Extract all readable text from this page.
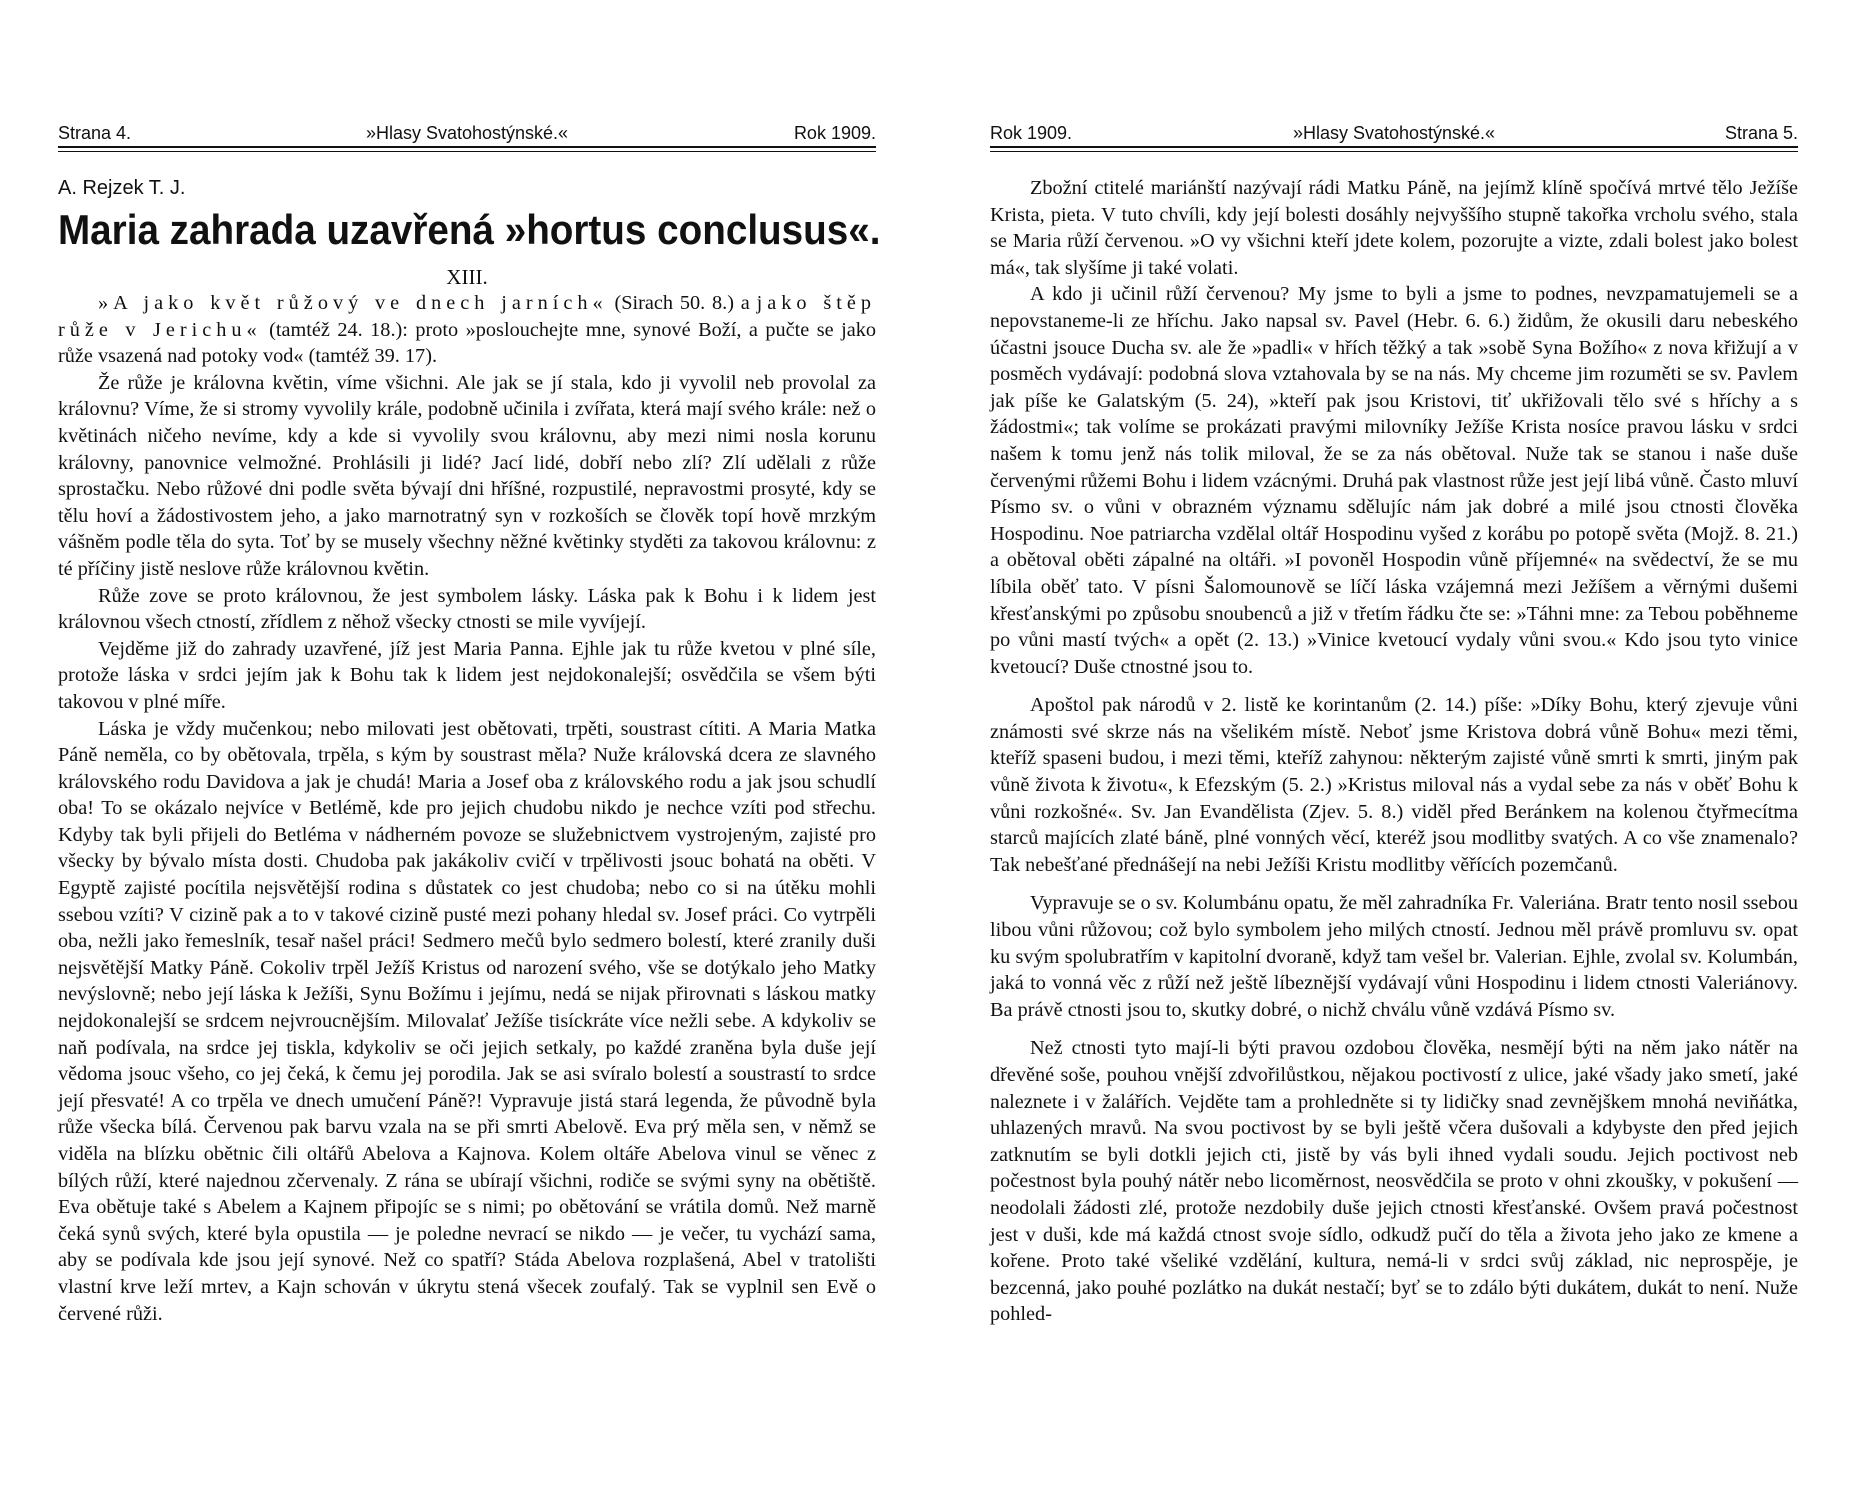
Strana 4.	»Hlasy Svatohostýnské.«	Rok 1909.
A. Rejzek T. J.
Maria zahrada uzavřená »hortus conclusus«.
XIII.

»A jako květ růžový ve dnech jarních« (Sirach 50. 8.) a jako štěp růže v Jerichu« (tamtéž 24. 18.): proto »poslouchejte mne, synové Boží, a pučte se jako růže vsazená nad potoky vod« (tamtéž 39. 17).

Že růže je královna květin, víme všichni. Ale jak se jí stala, kdo ji vyvolil neb provolal za královnu? Víme, že si stromy vyvolily krále, podobně učinila i zvířata, která mají svého krále: než o květinách ničeho nevíme, kdy a kde si vyvolily svou královnu, aby mezi nimi nosla korunu královny, panovnice velmožné. Prohlásili ji lidé? Jací lidé, dobří nebo zlí? Zlí udělali z růže sprostačku. Nebo růžové dni podle světa bývají dni hříšné, rozpustilé, nepravostmi prosyté, kdy se tělu hoví a žádostivostem jeho, a jako marnotratný syn v rozkoších se člověk topí hově mrzkým vášněm podle těla do syta. Toť by se musely všechny něžné květinky styděti za takovou královnu: z té příčiny jistě neslove růže královnou květin.

Růže zove se proto královnou, že jest symbolem lásky. Láska pak k Bohu i k lidem jest královnou všech ctností, zřídlem z něhož všecky ctnosti se mile vyvíjejí.

Vejděme již do zahrady uzavřené, jíž jest Maria Panna. Ejhle jak tu růže kvetou v plné síle, protože láska v srdci jejím jak k Bohu tak k lidem jest nejdokonalejší; osvědčila se všem býti takovou v plné míře.

Láska je vždy mučenkou; nebo milovati jest obětovati, trpěti, soustrast cítiti. A Maria Matka Páně neměla, co by obětovala, trpěla, s kým by soustrast měla? Nuže královská dcera ze slavného královského rodu Davidova a jak je chudá! Maria a Josef oba z královského rodu a jak jsou schudlí oba! To se okázalo nejvíce v Betlémě, kde pro jejich chudobu nikdo je nechce vzíti pod střechu. Kdyby tak byli přijeli do Betléma v nádherném povoze se služebnictvem vystrojeným, zajisté pro všecky by bývalo místa dosti. Chudoba pak jakákoliv cvičí v trpělivosti jsouc bohatá na oběti. V Egyptě zajisté pocítila nejsvětější rodina s důstatek co jest chudoba; nebo co si na útěku mohli ssebou vzíti? V cizině pak a to v takové cizině pusté mezi pohany hledal sv. Josef práci. Co vytrpěli oba, nežli jako řemeslník, tesař našel práci! Sedmero mečů bylo sedmero bolestí, které zranily duši nejsvětější Matky Páně. Cokoliv trpěl Ježíš Kristus od narození svého, vše se dotýkalo jeho Matky nevýslovně; nebo její láska k Ježíši, Synu Božímu i jejímu, nedá se nijak přirovnati s láskou matky nejdokonalejší se srdcem nejvroucnějším. Milovalať Ježíše tisíckráte více nežli sebe. A kdykoliv se naň podívala, na srdce jej tiskla, kdykoliv se oči jejich setkaly, po každé zraněna byla duše její vědoma jsouc všeho, co jej čeká, k čemu jej porodila. Jak se asi svíralo bolestí a soustrastí to srdce její přesvaté! A co trpěla ve dnech umučení Páně?! Vypravuje jistá stará legenda, že původně byla růže všecka bílá. Červenou pak barvu vzala na se při smrti Abelově. Eva prý měla sen, v němž se viděla na blízku obětnic čili oltářů Abelova a Kajnova. Kolem oltáře Abelova vinul se věnec z bílých růží, které najednou zčervenaly. Z rána se ubírají všichni, rodiče se svými syny na obětiště. Eva obětuje také s Abelem a Kajnem připojíc se s nimi; po obětování se vrátila domů. Než marně čeká synů svých, které byla opustila — je poledne nevrací se nikdo — je večer, tu vychází sama, aby se podívala kde jsou její synové. Než co spatří? Stáda Abelova rozplašená, Abel v tratolišti vlastní krve leží mrtev, a Kajn schován v úkrytu stená všecek zoufalý. Tak se vyplnil sen Evě o červené růži.

Rok 1909.	»Hlasy Svatohostýnské.«	Strana 5.

Zbožní ctitelé mariánští nazývají rádi Matku Páně, na jejímž klíně spočívá mrtvé tělo Ježíše Krista, pieta. V tuto chvíli, kdy její bolesti dosáhly nejvyššího stupně takořka vrcholu svého, stala se Maria růží červenou. »O vy všichni kteří jdete kolem, pozorujte a vizte, zdali bolest jako bolest má«, tak slyšíme ji také volati.

A kdo ji učinil růží červenou? My jsme to byli a jsme to podnes, nevzpamatujemeli se a nepovstaneme-li ze hříchu. Jako napsal sv. Pavel (Hebr. 6. 6.) židům, že okusili daru nebeského účastni jsouce Ducha sv. ale že »padli« v hřích těžký a tak »sobě Syna Božího« z nova křižují a v posměch vydávají: podobná slova vztahovala by se na nás. My chceme jim rozuměti se sv. Pavlem jak píše ke Galatským (5. 24), »kteří pak jsou Kristovi, tiť ukřižovali tělo své s hříchy a s žádostmi«; tak volíme se prokázati pravými milovníky Ježíše Krista nosíce pravou lásku v srdci našem k tomu jenž nás tolik miloval, že se za nás obětoval. Nuže tak se stanou i naše duše červenými růžemi Bohu i lidem vzácnými. Druhá pak vlastnost růže jest její libá vůně. Často mluví Písmo sv. o vůni v obrazném významu sdělujíc nám jak dobré a milé jsou ctnosti člověka Hospodinu. Noe patriarcha vzdělal oltář Hospodinu vyšed z korábu po potopě světa (Mojž. 8. 21.) a obětoval oběti zápalné na oltáři. »I povoněl Hospodin vůně příjemné« na svědectví, že se mu líbila oběť tato. V písni Šalomounově se líčí láska vzájemná mezi Ježíšem a věrnými dušemi křesťanskými po způsobu snoubenců a již v třetím řádku čte se: »Táhni mne: za Tebou poběhneme po vůni mastí tvých« a opět (2. 13.) »Vinice kvetoucí vydaly vůni svou.« Kdo jsou tyto vinice kvetoucí? Duše ctnostné jsou to.

Apoštol pak národů v 2. listě ke korintanům (2. 14.) píše: »Díky Bohu, který zjevuje vůni známosti své skrze nás na všelikém místě. Neboť jsme Kristova dobrá vůně Bohu« mezi těmi, kteříž spaseni budou, i mezi těmi, kteříž zahynou: některým zajisté vůně smrti k smrti, jiným pak vůně života k životu«, k Efezským (5. 2.) »Kristus miloval nás a vydal sebe za nás v oběť Bohu k vůni rozkošné«. Sv. Jan Evandělista (Zjev. 5. 8.) viděl před Beránkem na kolenou čtyřmecítma starců majících zlaté báně, plné vonných věcí, kteréž jsou modlitby svatých. A co vše znamenalo? Tak nebešťané přednášejí na nebi Ježíši Kristu modlitby věřících pozemčanů.

Vypravuje se o sv. Kolumbánu opatu, že měl zahradníka Fr. Valeriána. Bratr tento nosil ssebou libou vůni růžovou; což bylo symbolem jeho milých ctností. Jednou měl právě promluvu sv. opat ku svým spolubratřím v kapitolní dvoraně, když tam vešel br. Valerian. Ejhle, zvolal sv. Kolumbán, jaká to vonná věc z růží než ještě líbeznější vydávají vůni Hospodinu i lidem ctnosti Valeriánovy. Ba právě ctnosti jsou to, skutky dobré, o nichž chválu vůně vzdává Písmo sv.

Než ctnosti tyto mají-li býti pravou ozdobou člověka, nesmějí býti na něm jako nátěr na dřevěné soše, pouhou vnější zdvořilůstkou, nějakou poctivostí z ulice, jaké všady jako smetí, jaké naleznete i v žalářích. Vejděte tam a prohledněte si ty lidičky snad zevnějškem mnohá neviňátka, uhlazených mravů. Na svou poctivost by se byli ještě včera dušovali a kdybyste den před jejich zatknutím se byli dotkli jejich cti, jistě by vás byli ihned vydali soudu. Jejich poctivost neb počestnost byla pouhý nátěr nebo licoměrnost, neosvědčila se proto v ohni zkoušky, v pokušení — neodolali žádosti zlé, protože nezdobily duše jejich ctnosti křesťanské. Ovšem pravá počestnost jest v duši, kde má každá ctnost svoje sídlo, odkudž pučí do těla a života jeho jako ze kmene a kořene. Proto také všeliké vzdělání, kultura, nemá-li v srdci svůj základ, nic neprospěje, je bezcenná, jako pouhé pozlátko na dukát nestačí; byť se to zdálo býti dukátem, dukát to není. Nuže pohled-
